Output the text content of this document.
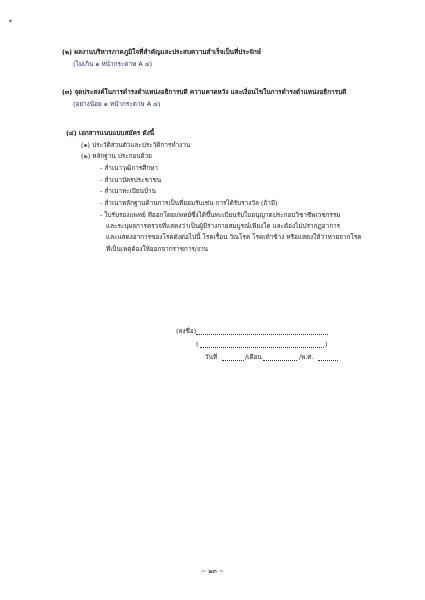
•
(๒) ผลงานบริหารภาคภูมิใจที่สำคัญและประสบความสำเร็จเป็นที่ประจักษ์
(ไม่เกิน ๑ หน้ากระดาษ A ๔)
(๓) จุดประสงค์ในการดำรงตำแหน่งอธิการบดี ความคาดหวัง และเงื่อนไขในการดำรงตำแหน่งอธิการบดี
(อย่างน้อย ๑ หน้ากระดาษ A ๔)
(๔) เอกสารแนบแบบสมัคร ดังนี้
(๑) ประวัติส่วนตัวและประวัติการทำงาน
(๒) หลักฐาน ประกอบด้วย
- สำเนาวุฒิการศึกษา
- สำเนาบัตรประชาชน
- สำเนาทะเบียนบ้าน
- สำเนาหลักฐานด้านการเป็นที่ยอมรับเช่น การได้รับรางวัล (ถ้ามี)
- ใบรับรองแพทย์ ที่ออกโดยแพทย์ซึ่งได้ขึ้นทะเบียนรับใบอนุญาตประกอบวิชาชีพเวชกรรม
และระบุผลการตรวจที่แสดงว่าเป็นผู้มีร่างกายสมบูรณ์เพียงใด และต้องไม่ปรากฏอาการ
และแสดงอาการของโรคดังต่อไปนี้ โรคเรื้อน วัณโรค โรคเท้าช้าง หรือแสดงให้ว่าหายจากโรค
ที่เป็นเหตุต้องให้ออกจากราชการ/งาน
(ลงชื่อ)
(	)
วันที่	/เดือน	/พ.ศ.
~ ๒๓ ~
